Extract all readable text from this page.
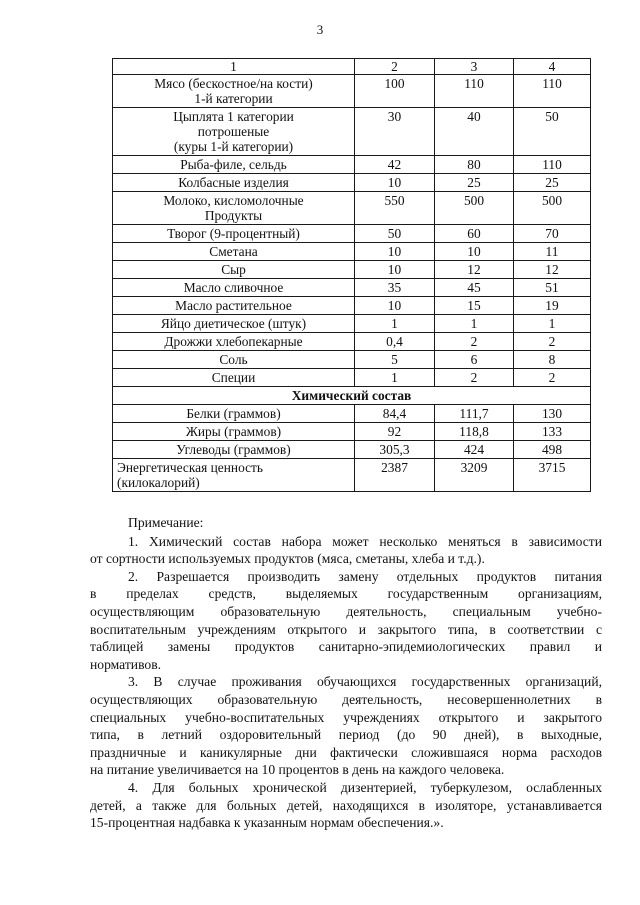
3
1	2	3	4

Мясо (бескостное/на кости)
1-й категории	100	110	110

Цыплята 1 категории
потрошеные
(куры 1-й категории)	30	40	50

Рыба-филе, сельдь	42	80	110

Колбасные изделия	10	25	25

Молоко, кисломолочные
Продукты	550	500	500

Творог (9-процентный)	50	60	70

Сметана	10	10	11

Сыр	10	12	12

Масло сливочное	35	45	51

Масло растительное	10	15	19

Яйцо диетическое (штук)	1	1	1

Дрожжи хлебопекарные	0,4	2	2

Соль	5	6	8

Специи	1	2	2
Химический состав			

Белки (граммов)	84,4	111,7	130

Жиры (граммов)	92	118,8	133

Углеводы (граммов)	305,3	424	498

Энергетическая ценность
(килокалорий)	2387	3209	3715
Примечание:

1. Химический состав набора может несколько меняться в зависимости
от сортности используемых продуктов (мяса, сметаны, хлеба и т.д.).

2. Разрешается производить замену отдельных продуктов питания
в пределах средств, выделяемых государственным организациям,
осуществляющим образовательную деятельность, специальным учебно-
воспитательным учреждениям открытого и закрытого типа, в соответствии с
таблицей замены продуктов санитарно-эпидемиологических правил и
нормативов.

3. В случае проживания обучающихся государственных организаций,
осуществляющих образовательную деятельность, несовершеннолетних в
специальных учебно-воспитательных учреждениях открытого и закрытого
типа, в летний оздоровительный период (до 90 дней), в выходные,
праздничные и каникулярные дни фактически сложившаяся норма расходов
на питание увеличивается на 10 процентов в день на каждого человека.

4. Для больных хронической дизентерией, туберкулезом, ослабленных
детей, а также для больных детей, находящихся в изоляторе, устанавливается
15-процентная надбавка к указанным нормам обеспечения.».
